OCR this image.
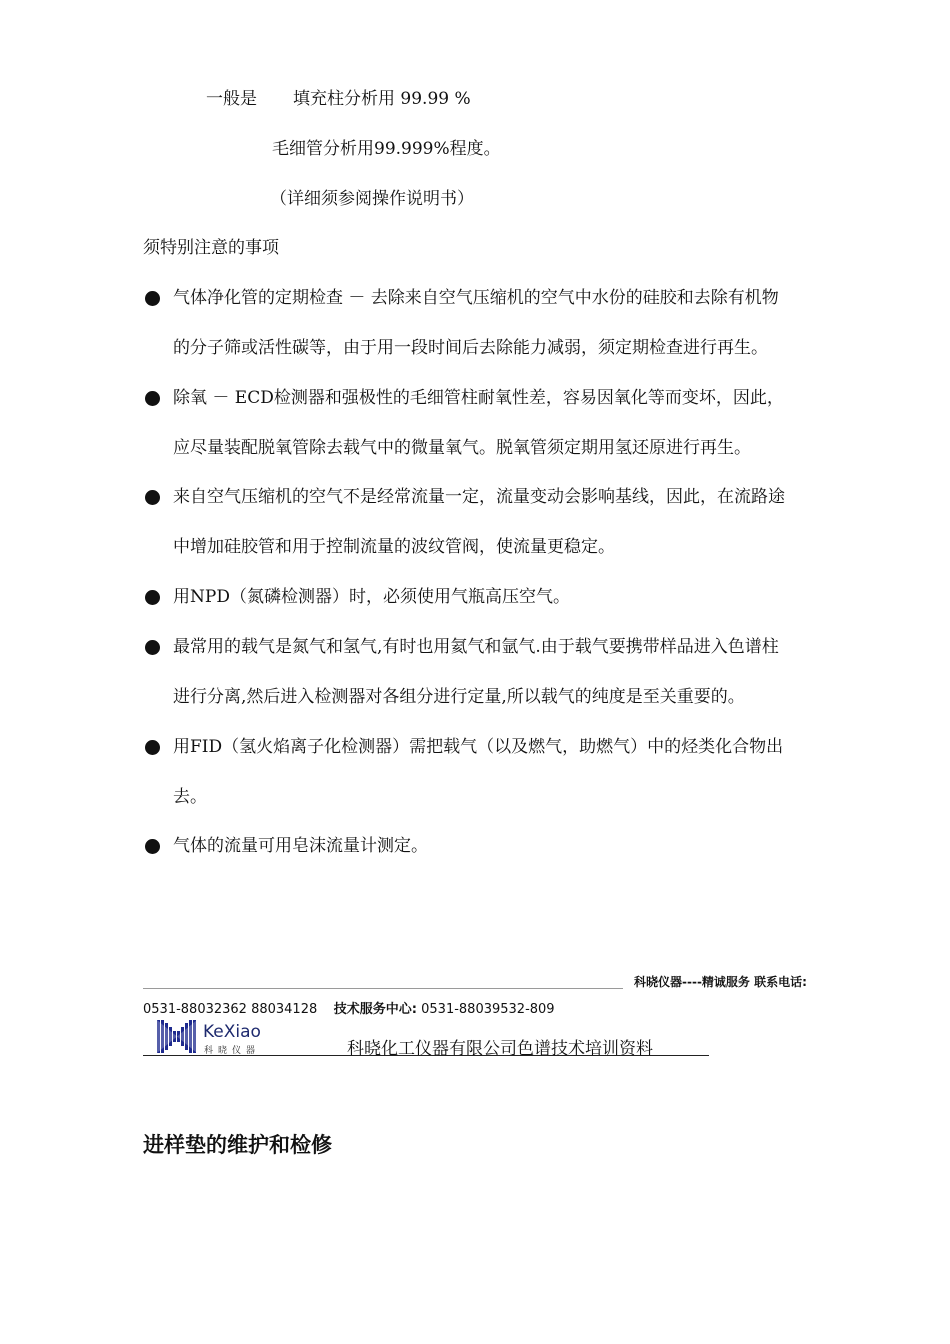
一般是 填充柱分析用 99.99 %
毛细管分析用99.999%程度。
（详细须参阅操作说明书）
须特别注意的事项
气体净化管的定期检查 － 去除来自空气压缩机的空气中水份的硅胶和去除有机物
的分子筛或活性碳等，由于用一段时间后去除能力减弱，须定期检查进行再生。
除氧 － ECD检测器和强极性的毛细管柱耐氧性差，容易因氧化等而变坏，因此，
应尽量装配脱氧管除去载气中的微量氧气。脱氧管须定期用氢还原进行再生。
来自空气压缩机的空气不是经常流量一定，流量变动会影响基线，因此，在流路途
中增加硅胶管和用于控制流量的波纹管阀，使流量更稳定。
用NPD（氮磷检测器）时，必须使用气瓶高压空气。
最常用的载气是氮气和氢气,有时也用氦气和氩气.由于载气要携带样品进入色谱柱
进行分离,然后进入检测器对各组分进行定量,所以载气的纯度是至关重要的。
用FID（氢火焰离子化检测器）需把载气（以及燃气，助燃气）中的烃类化合物出
去。
气体的流量可用皂沫流量计测定。
科晓仪器----精诚服务 联系电话:
0531-88032362 88034128 技术服务中心: 0531-88039532-809
KeXiao
科晓仪器	科晓化工仪器有限公司色谱技术培训资料
进样垫的维护和检修
